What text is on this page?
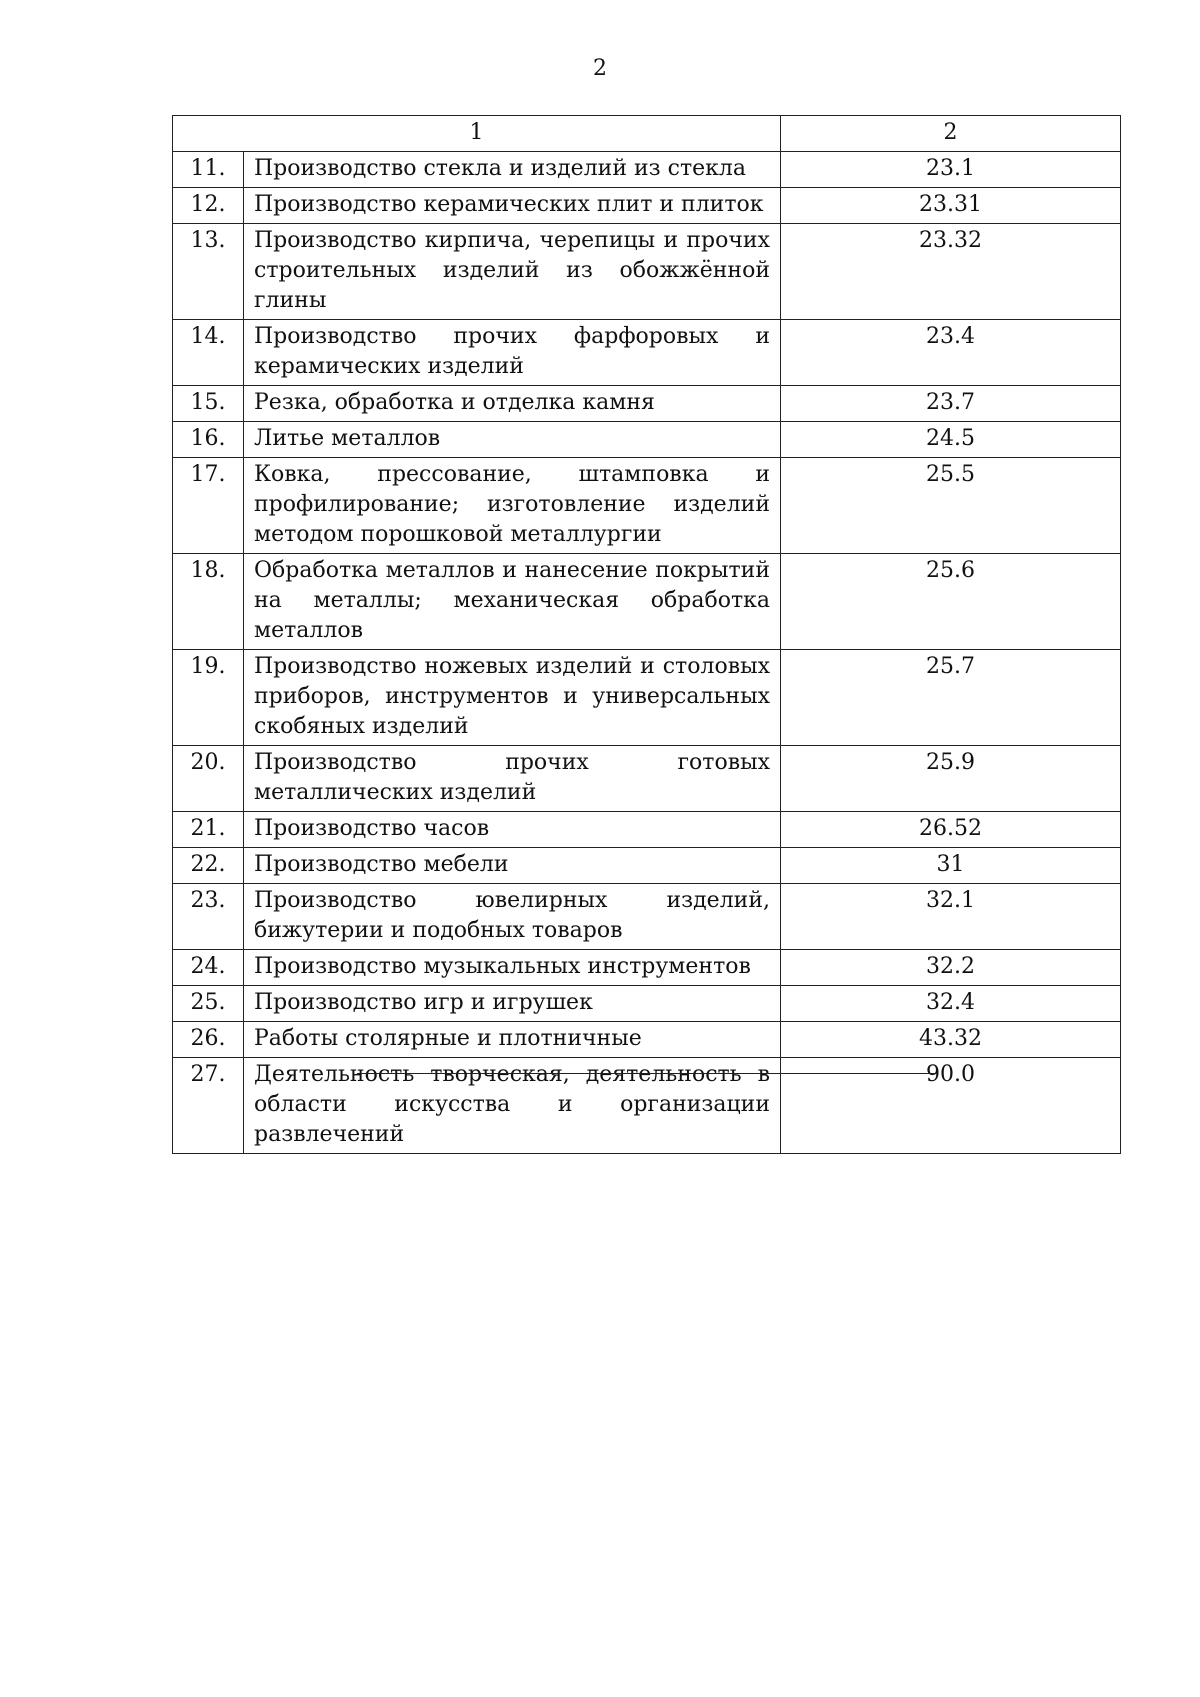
2
1		2
11.	Производство стекла и изделий из стекла	23.1
12.	Производство керамических плит и плиток	23.31
13.	Производство кирпича, черепицы и прочих строительных изделий из обожжённой глины	23.32
14.	Производство прочих фарфоровых и керамических изделий	23.4
15.	Резка, обработка и отделка камня	23.7
16.	Литье металлов	24.5
17.	Ковка, прессование, штамповка и профилирование; изготовление изделий методом порошковой металлургии	25.5
18.	Обработка металлов и нанесение покрытий на металлы; механическая обработка металлов	25.6
19.	Производство ножевых изделий и столовых приборов, инструментов и универсальных скобяных изделий	25.7
20.	Производство прочих готовых металлических изделий	25.9
21.	Производство часов	26.52
22.	Производство мебели	31
23.	Производство ювелирных изделий, бижутерии и подобных товаров	32.1
24.	Производство музыкальных инструментов	32.2
25.	Производство игр и игрушек	32.4
26.	Работы столярные и плотничные	43.32
27.	Деятельность творческая, деятельность в области искусства и организации развлечений	90.0
